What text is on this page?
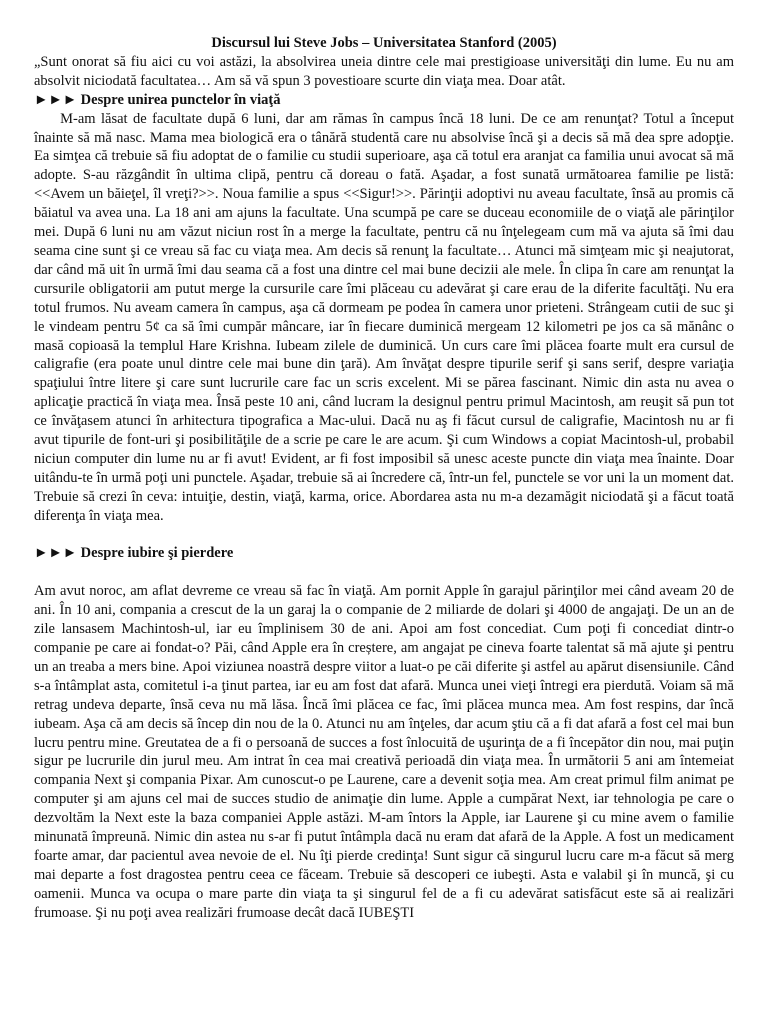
Discursul lui Steve Jobs – Universitatea Stanford (2005)

„Sunt onorat să fiu aici cu voi astăzi, la absolvirea uneia dintre cele mai prestigioase universităţi din lume. Eu nu am absolvit niciodată facultatea… Am să vă spun 3 povestioare scurte din viaţa mea. Doar atât.

►►► Despre unirea punctelor în viaţă

M-am lăsat de facultate după 6 luni, dar am rămas în campus încă 18 luni. De ce am renunţat? Totul a început înainte să mă nasc. Mama mea biologică era o tânără studentă care nu absolvise încă şi a decis să mă dea spre adopţie. Ea simţea că trebuie să fiu adoptat de o familie cu studii superioare, aşa că totul era aranjat ca familia unui avocat să mă adopte. S-au răzgândit în ultima clipă, pentru că doreau o fată. Aşadar, a fost sunată următoarea familie pe listă: <<Avem un băieţel, îl vreţi?>>. Noua familie a spus <<Sigur!>>. Părinţii adoptivi nu aveau facultate, însă au promis că băiatul va avea una. La 18 ani am ajuns la facultate. Una scumpă pe care se duceau economiile de o viaţă ale părinţilor mei. După 6 luni nu am văzut niciun rost în a merge la facultate, pentru că nu înţelegeam cum mă va ajuta să îmi dau seama cine sunt şi ce vreau să fac cu viaţa mea. Am decis să renunţ la facultate… Atunci mă simţeam mic şi neajutorat, dar când mă uit în urmă îmi dau seama că a fost una dintre cel mai bune decizii ale mele. În clipa în care am renunţat la cursurile obligatorii am putut merge la cursurile care îmi plăceau cu adevărat şi care erau de la diferite facultăţi. Nu era totul frumos. Nu aveam camera în campus, aşa că dormeam pe podea în camera unor prieteni. Strângeam cutii de suc şi le vindeam pentru 5¢ ca să îmi cumpăr mâncare, iar în fiecare duminică mergeam 12 kilometri pe jos ca să mănânc o masă copioasă la templul Hare Krishna. Iubeam zilele de duminică. Un curs care îmi plăcea foarte mult era cursul de caligrafie (era poate unul dintre cele mai bune din ţară). Am învăţat despre tipurile serif şi sans serif, despre variaţia spaţiului între litere şi care sunt lucrurile care fac un scris excelent. Mi se părea fascinant. Nimic din asta nu avea o aplicaţie practică în viaţa mea. Însă peste 10 ani, când lucram la designul pentru primul Macintosh, am reuşit să pun tot ce învăţasem atunci în arhitectura tipografica a Mac-ului. Dacă nu aş fi făcut cursul de caligrafie, Macintosh nu ar fi avut tipurile de font-uri şi posibilităţile de a scrie pe care le are acum. Şi cum Windows a copiat Macintosh-ul, probabil niciun computer din lume nu ar fi avut! Evident, ar fi fost imposibil să unesc aceste puncte din viaţa mea înainte. Doar uitându-te în urmă poţi uni punctele. Aşadar, trebuie să ai încredere că, într-un fel, punctele se vor uni la un moment dat. Trebuie să crezi în ceva: intuiţie, destin, viaţă, karma, orice. Abordarea asta nu m-a dezamăgit niciodată şi a făcut toată diferenţa în viaţa mea.

►►► Despre iubire şi pierdere

Am avut noroc, am aflat devreme ce vreau să fac în viaţă. Am pornit Apple în garajul părinţilor mei când aveam 20 de ani. În 10 ani, compania a crescut de la un garaj la o companie de 2 miliarde de dolari şi 4000 de angajaţi. De un an de zile lansasem Machintosh-ul, iar eu împlinisem 30 de ani. Apoi am fost concediat. Cum poţi fi concediat dintr-o companie pe care ai fondat-o? Păi, când Apple era în creștere, am angajat pe cineva foarte talentat să mă ajute şi pentru un an treaba a mers bine. Apoi viziunea noastră despre viitor a luat-o pe căi diferite şi astfel au apărut disensiunile. Când s-a întâmplat asta, comitetul i-a ţinut partea, iar eu am fost dat afară. Munca unei vieţi întregi era pierdută. Voiam să mă retrag undeva departe, însă ceva nu mă lăsa. Încă îmi plăcea ce fac, îmi plăcea munca mea. Am fost respins, dar încă iubeam. Aşa că am decis să încep din nou de la 0. Atunci nu am înţeles, dar acum ştiu că a fi dat afară a fost cel mai bun lucru pentru mine. Greutatea de a fi o persoană de succes a fost înlocuită de uşurinţa de a fi începător din nou, mai puţin sigur pe lucrurile din jurul meu. Am intrat în cea mai creativă perioadă din viaţa mea. În următorii 5 ani am întemeiat compania Next şi compania Pixar. Am cunoscut-o pe Laurene, care a devenit soţia mea. Am creat primul film animat pe computer şi am ajuns cel mai de succes studio de animaţie din lume. Apple a cumpărat Next, iar tehnologia pe care o dezvoltăm la Next este la baza companiei Apple astăzi. M-am întors la Apple, iar Laurene şi cu mine avem o familie minunată împreună. Nimic din astea nu s-ar fi putut întâmpla dacă nu eram dat afară de la Apple. A fost un medicament foarte amar, dar pacientul avea nevoie de el. Nu îţi pierde credinţa! Sunt sigur că singurul lucru care m-a făcut să merg mai departe a fost dragostea pentru ceea ce făceam. Trebuie să descoperi ce iubeşti. Asta e valabil şi în muncă, şi cu oamenii. Munca va ocupa o mare parte din viaţa ta şi singurul fel de a fi cu adevărat satisfăcut este să ai realizări frumoase. Şi nu poţi avea realizări frumoase decât dacă IUBEŞTI
